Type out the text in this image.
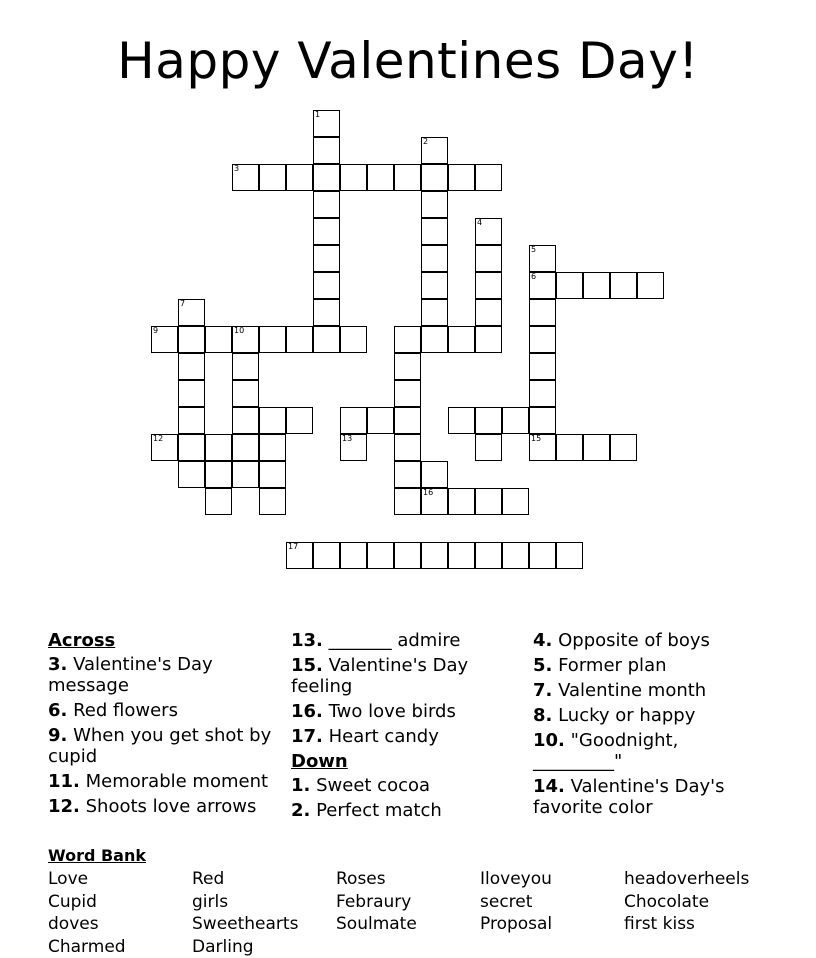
Happy Valentines Day!
1
2
3
4
5
6
15
7
9	10
12	13
16
17
Across
3. Valentine's Day message
6. Red flowers
9. When you get shot by cupid
11. Memorable moment
12. Shoots love arrows
13. _______ admire
15. Valentine's Day feeling
16. Two love birds
17. Heart candy
Down
1. Sweet cocoa
2. Perfect match
4. Opposite of boys
5. Former plan
7. Valentine month
8. Lucky or happy
10. "Goodnight, _________"
14. Valentine's Day's favorite color
Word Bank
Love	Red	Roses	Iloveyou	headoverheels
Cupid	girls	Febraury	secret	Chocolate
doves	Sweethearts	Soulmate	Proposal	first kiss
Charmed	Darling
